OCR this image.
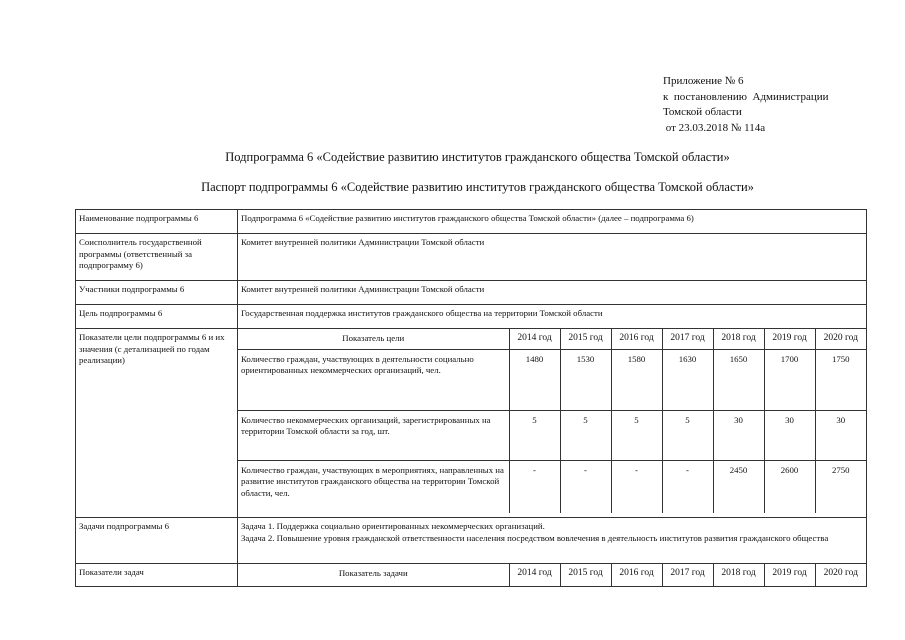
Приложение № 6
к  постановлению  Администрации
Томской области
от 23.03.2018 № 114а
Подпрограмма 6 «Содействие развитию институтов гражданского общества Томской области»
Паспорт подпрограммы 6 «Содействие развитию институтов гражданского общества Томской области»
Наименование подпрограммы 6	Подпрограмма 6 «Содействие развитию институтов гражданского общества Томской области» (далее – подпрограмма 6)
Соисполнитель государственной программы (ответственный за подпрограмму 6)	Комитет внутренней политики Администрации Томской области
Участники подпрограммы 6	Комитет внутренней политики Администрации Томской области
Цель подпрограммы 6	Государственная поддержка институтов гражданского общества на территории Томской области
Показатели цели подпрограммы 6 и их значения (с детализацией по годам реализации)	
Показатель цели	2014 год	2015 год	2016 год	2017 год	2018 год	2019 год	2020 год
Количество граждан, участвующих в деятельности социально ориентированных некоммерческих организаций, чел.	1480	1530	1580	1630	1650	1700	1750
Количество некоммерческих организаций, зарегистрированных на территории Томской области за год, шт.	5	5	5	5	30	30	30
Количество граждан, участвующих в мероприятиях, направленных на развитие институтов гражданского общества на территории Томской области, чел.	-	-	-	-	2450	2600	2750

Задачи подпрограммы 6	Задача 1. Поддержка социально ориентированных некоммерческих организаций.
Задача 2. Повышение уровня гражданской ответственности населения посредством вовлечения в деятельность институтов развития гражданского общества

Показатели задач		Показатель задачи	2014 год	2015 год	2016 год	2017 год	2018 год	2019 год	2020 год
